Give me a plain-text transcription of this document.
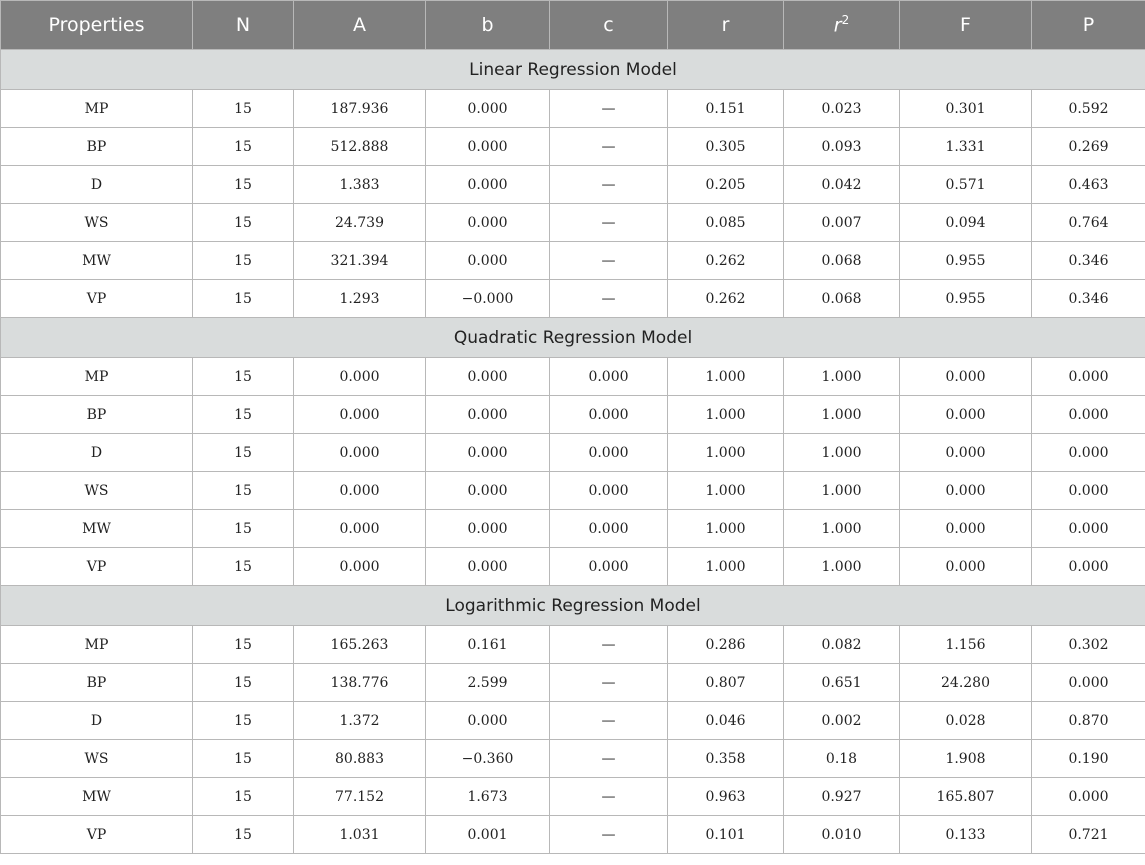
Properties	N	A	b	c	r	$r^2$	F	P
Linear Regression Model								
MP	15	187.936	0.000	—	0.151	0.023	0.301	0.592
BP	15	512.888	0.000	—	0.305	0.093	1.331	0.269
D	15	1.383	0.000	—	0.205	0.042	0.571	0.463
WS	15	24.739	0.000	—	0.085	0.007	0.094	0.764
MW	15	321.394	0.000	—	0.262	0.068	0.955	0.346
VP	15	1.293	−0.000	—	0.262	0.068	0.955	0.346
Quadratic Regression Model								
MP	15	0.000	0.000	0.000	1.000	1.000	0.000	0.000
BP	15	0.000	0.000	0.000	1.000	1.000	0.000	0.000
D	15	0.000	0.000	0.000	1.000	1.000	0.000	0.000
WS	15	0.000	0.000	0.000	1.000	1.000	0.000	0.000
MW	15	0.000	0.000	0.000	1.000	1.000	0.000	0.000
VP	15	0.000	0.000	0.000	1.000	1.000	0.000	0.000
Logarithmic Regression Model								
MP	15	165.263	0.161	—	0.286	0.082	1.156	0.302
BP	15	138.776	2.599	—	0.807	0.651	24.280	0.000
D	15	1.372	0.000	—	0.046	0.002	0.028	0.870
WS	15	80.883	−0.360	—	0.358	0.18	1.908	0.190
MW	15	77.152	1.673	—	0.963	0.927	165.807	0.000
VP	15	1.031	0.001	—	0.101	0.010	0.133	0.721
